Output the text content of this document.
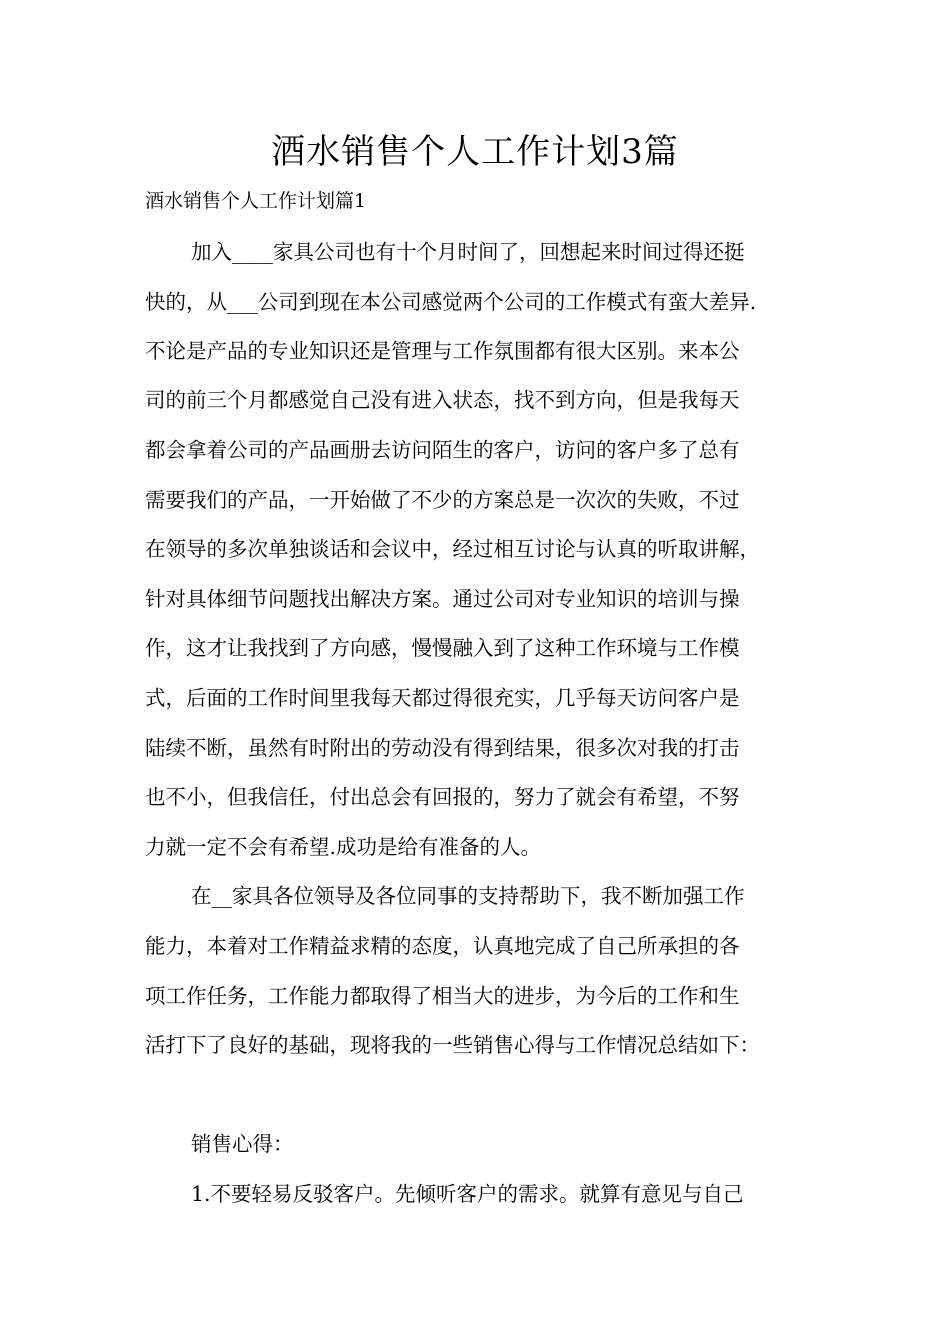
酒水销售个人工作计划3篇
酒水销售个人工作计划篇1
加入____家具公司也有十个月时间了，回想起来时间过得还挺
快的，从___公司到现在本公司感觉两个公司的工作模式有蛮大差异.
不论是产品的专业知识还是管理与工作氛围都有很大区别。来本公
司的前三个月都感觉自己没有进入状态，找不到方向，但是我每天
都会拿着公司的产品画册去访问陌生的客户，访问的客户多了总有
需要我们的产品，一开始做了不少的方案总是一次次的失败，不过
在领导的多次单独谈话和会议中，经过相互讨论与认真的听取讲解，
针对具体细节问题找出解决方案。通过公司对专业知识的培训与操
作，这才让我找到了方向感，慢慢融入到了这种工作环境与工作模
式，后面的工作时间里我每天都过得很充实，几乎每天访问客户是
陆续不断，虽然有时附出的劳动没有得到结果，很多次对我的打击
也不小，但我信任，付出总会有回报的，努力了就会有希望，不努
力就一定不会有希望.成功是给有准备的人。
在__家具各位领导及各位同事的支持帮助下，我不断加强工作
能力，本着对工作精益求精的态度，认真地完成了自己所承担的各
项工作任务，工作能力都取得了相当大的进步，为今后的工作和生
活打下了良好的基础，现将我的一些销售心得与工作情况总结如下：
销售心得：
1.不要轻易反驳客户。先倾听客户的需求。就算有意见与自己
